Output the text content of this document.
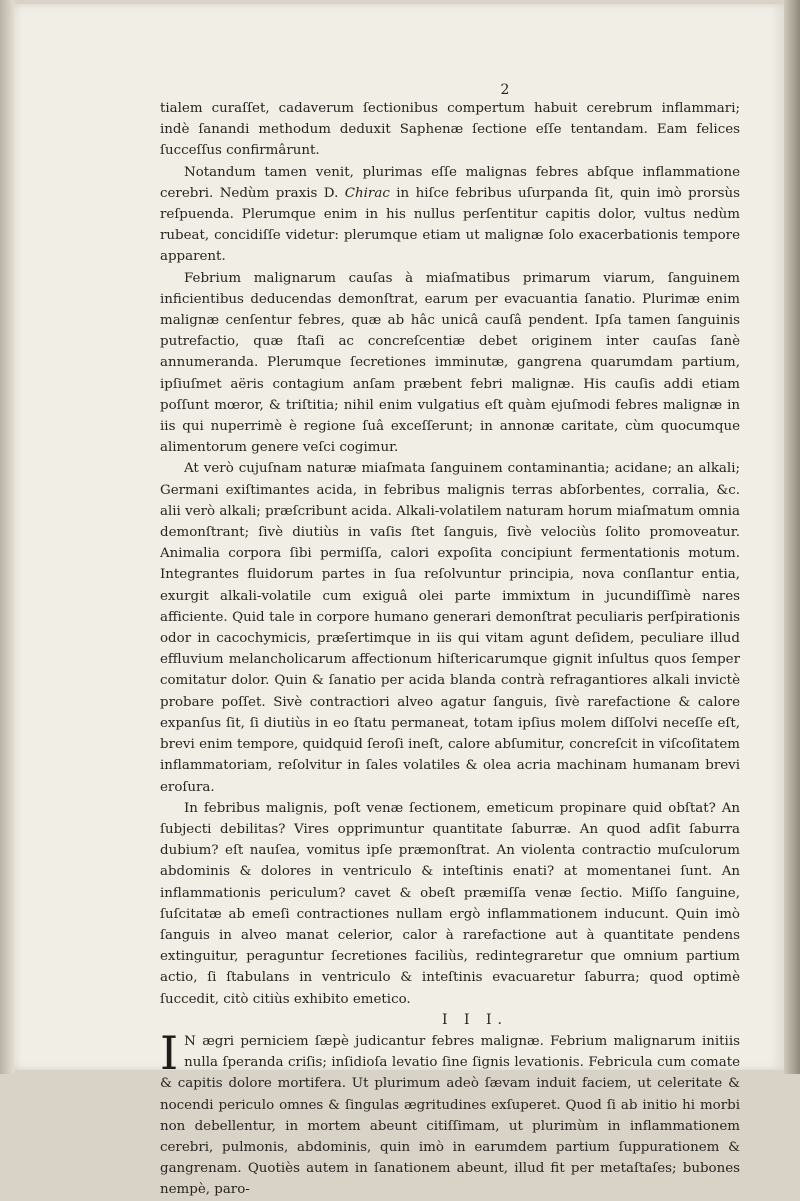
2

tialem curaſſet, cadaverum ſectionibus compertum habuit cerebrum inflammari; indè ſanandi methodum deduxit Saphenæ ſectione eſſe tentandam. Eam felices ſucceſſus confirmârunt.

Notandum tamen venit, plurimas eſſe malignas febres abſque inflammatione cerebri. Nedùm praxis D. Chirac in hiſce febribus uſurpanda ſit, quin imò prorsùs reſpuenda. Plerumque enim in his nullus perſentitur capitis dolor, vultus nedùm rubeat, concidiſſe videtur: plerumque etiam ut malignæ ſolo exacerbationis tempore apparent.

Febrium malignarum cauſas à miaſmatibus primarum viarum, ſanguinem inficientibus deducendas demonſtrat, earum per evacuantia ſanatio. Plurimæ enim malignæ cenſentur febres, quæ ab hâc unicâ cauſâ pendent. Ipſa tamen ſanguinis putrefactio, quæ ſtaſi ac concreſcentiæ debet originem inter cauſas ſanè annumeranda. Plerumque ſecretiones imminutæ, gangrena quarumdam partium, ipſiuſmet aëris contagium anſam præbent febri malignæ. His cauſis addi etiam poſſunt mœror, & triſtitia; nihil enim vulgatius eſt quàm ejuſmodi febres malignæ in iis qui nuperrimè è regione ſuâ exceſſerunt; in annonæ caritate, cùm quocumque alimentorum genere veſci cogimur.

At verò cujuſnam naturæ miaſmata ſanguinem contaminantia; acidane; an alkali; Germani exiſtimantes acida, in febribus malignis terras abſorbentes, corralia, &c. alii verò alkali; præſcribunt acida. Alkali-volatilem naturam horum miaſmatum omnia demonſtrant; ſivè diutiùs in vaſis ſtet ſanguis, ſivè velociùs ſolito promoveatur. Animalia corpora ſibi permiſſa, calori expoſita concipiunt fermentationis motum. Integrantes fluidorum partes in ſua reſolvuntur principia, nova conſlantur entia, exurgit alkali-volatile cum exiguâ olei parte immixtum in jucundiſſimè nares afficiente. Quid tale in corpore humano generari demonſtrat peculiaris perſpirationis odor in cacochymicis, præſertimque in iis qui vitam agunt deſidem, peculiare illud effluvium melancholicarum affectionum hiſtericarumque gignit inſultus quos ſemper comitatur dolor. Quin & ſanatio per acida blanda contrà refragantiores alkali invictè probare poſſet. Sivè contractiori alveo agatur ſanguis, ſivè rarefactione & calore expanſus ſit, ſi diutiùs in eo ſtatu permaneat, totam ipſius molem diſſolvi neceſſe eſt, brevi enim tempore, quidquid ſeroſi ineſt, calore abſumitur, concreſcit in viſcoſitatem inflammatoriam, reſolvitur in ſales volatiles & olea acria machinam humanam brevi eroſura.

In febribus malignis, poſt venæ ſectionem, emeticum propinare quid obſtat? An ſubjecti debilitas? Vires opprimuntur quantitate ſaburræ. An quod adſit ſaburra dubium? eſt nauſea, vomitus ipſe præmonſtrat. An violenta contractio muſculorum abdominis & dolores in ventriculo & inteſtinis enati? at momentanei ſunt. An inflammationis periculum? cavet & obeſt præmiſſa venæ ſectio. Miſſo ſanguine, ſuſcitatæ ab emeſi contractiones nullam ergò inflammationem inducunt. Quin imò ſanguis in alveo manat celerior, calor à rarefactione aut à quantitate pendens extinguitur, peraguntur ſecretiones faciliùs, redintegraretur que omnium partium actio, ſi ſtabulans in ventriculo & inteſtinis evacuaretur ſaburra; quod optimè ſuccedit, citò citiùs exhibito emetico.

I I I.

I N ægri perniciem ſæpè judicantur febres malignæ. Febrium malignarum initiis nulla ſperanda criſis; inſidioſa levatio ſine ſignis levationis. Febricula cum comate & capitis dolore mortifera. Ut plurimum adeò ſævam induit faciem, ut celeritate & nocendi periculo omnes & ſingulas ægritudines exſuperet. Quod ſi ab initio hi morbi non debellentur, in mortem abeunt citiſſimam, ut plurimùm in inflammationem cerebri, pulmonis, abdominis, quin imò in earumdem partium ſuppurationem & gangrenam. Quotiès autem in ſanationem abeunt, illud fit per metaſtaſes; bubones nempè, paro-
